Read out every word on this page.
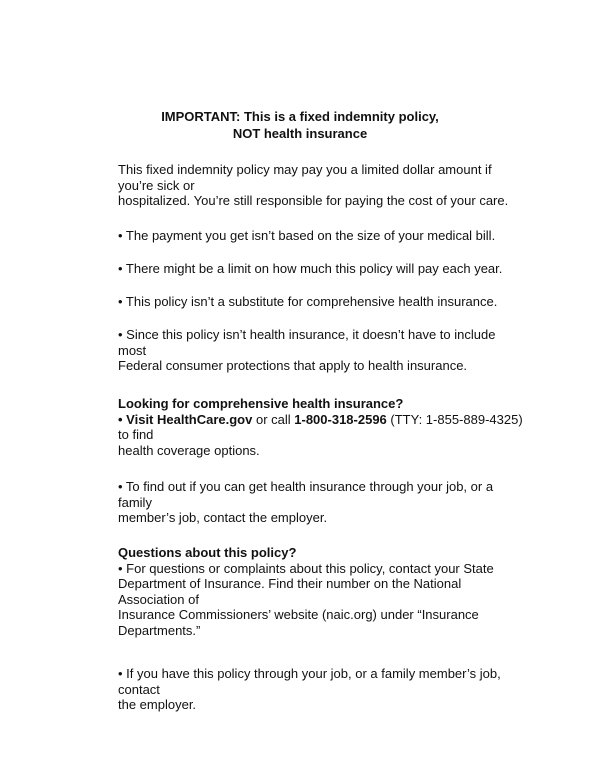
IMPORTANT: This is a fixed indemnity policy,
NOT health insurance
This fixed indemnity policy may pay you a limited dollar amount if
you’re sick or
hospitalized. You’re still responsible for paying the cost of your care.
• The payment you get isn’t based on the size of your medical bill.
• There might be a limit on how much this policy will pay each year.
• This policy isn’t a substitute for comprehensive health insurance.
• Since this policy isn’t health insurance, it doesn’t have to include
most
Federal consumer protections that apply to health insurance.
Looking for comprehensive health insurance?
• Visit HealthCare.gov or call 1-800-318-2596 (TTY: 1-855-889-4325)
to find
health coverage options.
• To find out if you can get health insurance through your job, or a
family
member’s job, contact the employer.
Questions about this policy?
• For questions or complaints about this policy, contact your State
Department of Insurance. Find their number on the National
Association of
Insurance Commissioners’ website (naic.org) under “Insurance
Departments.”
• If you have this policy through your job, or a family member’s job,
contact
the employer.
